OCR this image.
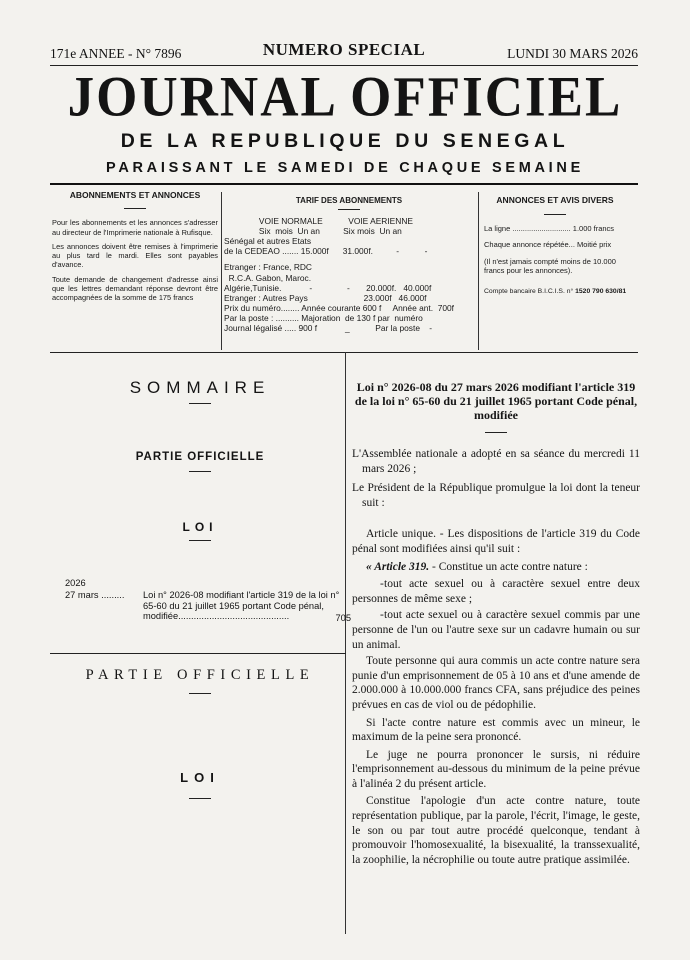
171e ANNEE - N° 7896	NUMERO SPECIAL	LUNDI 30 MARS 2026
JOURNAL OFFICIEL
DE LA REPUBLIQUE DU SENEGAL
PARAISSANT LE SAMEDI DE CHAQUE SEMAINE
ABONNEMENTS ET ANNONCES

Pour les abonnements et les annonces s'adresser au directeur de l'Imprimerie nationale à Rufisque.

Les annonces doivent être remises à l'imprimerie au plus tard le mardi. Elles sont payables d'avance.

Toute demande de changement d'adresse ainsi que les lettres demandant réponse devront être accompagnées de la somme de 175 francs

TARIF DES ABONNEMENTS
VOIE NORMALE           VOIE AERIENNE
Six  mois  Un an          Six mois  Un an
Sénégal et autres Etats
de la CEDEAO ....... 15.000f      31.000f.          -           -
Etranger : France, RDC
R.C.A. Gabon, Maroc.
Algérie,Tunisie.            -               -       20.000f.   40.000f
Etranger : Autres Pays                        23.000f   46.000f
Prix du numéro........ Année courante 600 f     Année ant.  700f
Par la poste : .......... Majoration  de 130 f par  numéro
Journal légalisé ..... 900 f            _           Par la poste    -
ANNONCES ET AVIS DIVERS

La ligne ............................ 1.000 francs

Chaque annonce répétée... Moitié prix

(Il n'est jamais compté moins de 10.000 francs pour les annonces).

Compte bancaire B.I.C.I.S. n° 1520 790 630/81
SOMMAIRE
PARTIE OFFICIELLE
LOI
2026
27 mars ......... Loi n° 2026-08 modifiant l'article 319 de la loi n° 65-60 du 21 juillet 1965 portant Code pénal, modifiée...........................................	705
PARTIE OFFICIELLE
LOI
Loi n° 2026-08 du 27 mars 2026 modifiant l'article 319 de la loi n° 65-60 du 21 juillet 1965 portant Code pénal, modifiée

L'Assemblée nationale a adopté en sa séance du mercredi 11 mars 2026 ;

Le Président de la République promulgue la loi dont la teneur suit :

Article unique. - Les dispositions de l'article 319 du Code pénal sont modifiées ainsi qu'il suit :

« Article 319. - Constitue un acte contre nature :

-tout acte sexuel ou à caractère sexuel entre deux personnes de même sexe ;

-tout acte sexuel ou à caractère sexuel commis par une personne de l'un ou l'autre sexe sur un cadavre humain ou sur un animal.

Toute personne qui aura commis un acte contre nature sera punie d'un emprisonnement de 05 à 10 ans et d'une amende de 2.000.000 à 10.000.000 francs CFA, sans préjudice des peines prévues en cas de viol ou de pédophilie.

Si l'acte contre nature est commis avec un mineur, le maximum de la peine sera prononcé.

Le juge ne pourra prononcer le sursis, ni réduire l'emprisonnement au-dessous du minimum de la peine prévue à l'alinéa 2 du présent article.

Constitue l'apologie d'un acte contre nature, toute représentation publique, par la parole, l'écrit, l'image, le geste, le son ou par tout autre procédé quelconque, tendant à promouvoir l'homosexualité, la bisexualité, la transsexualité, la zoophilie, la nécrophilie ou toute autre pratique assimilée.
